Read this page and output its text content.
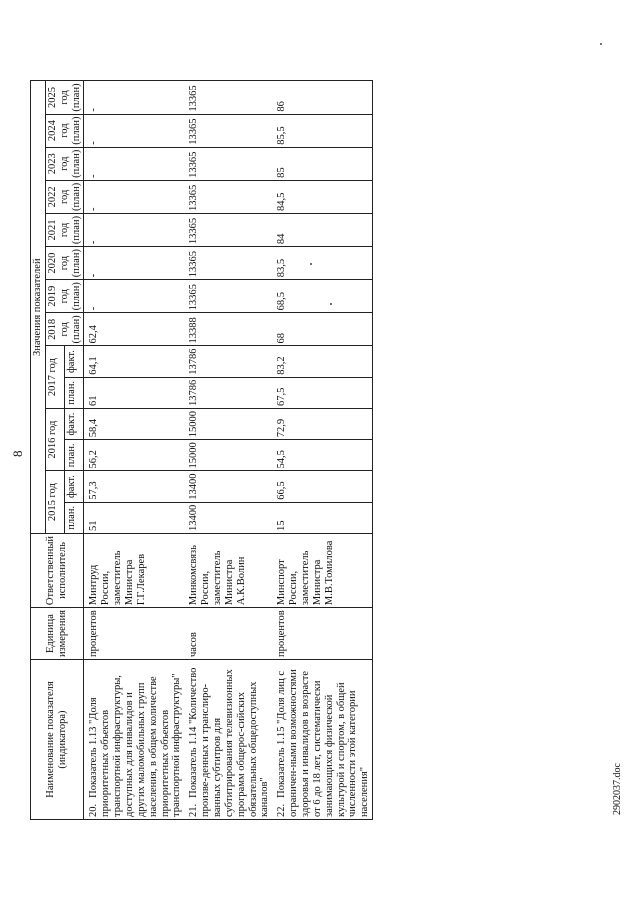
8
Наименование показателя (индикатора)	Единица измерения	Ответственный исполнитель	Значения показателей													
			2015 год		2016 год		2017 год		2018 год (план)	2019 год (план)	2020 год (план)	2021 год (план)	2022 год (план)	2023 год (план)	2024 год (план)	2025 год (план)
			план.	факт.	план.	факт.	план.	факт.								
20.Показатель 1.13 "Доля приоритетных объектов транспортной инфраструктуры, доступных для инвалидов и других маломобильных групп населения, в общем количестве приоритетных объектов транспортной инфраструктуры"	процентов	Минтруд России, заместитель Министра Г.Г.Лекарев	51	57,3	56,2	58,4	61	64,1	62,4	-	-	-	-	-	-	-
21.Показатель 1.14 "Количество произве-денных и транслиро-ванных субтитров для субтитрирования телевизионных программ общерос-сийских обязательных общедоступных каналов"	часов	Минкомсвязь России, заместитель Министра А.К.Волин	13400	13400	15000	15000	13786	13786	13388	13365	13365	13365	13365	13365	13365	13365
22.Показатель 1.15 "Доля лиц с ограничен-ными возможностями здоровья и инвалидов в возрасте от 6 до 18 лет, систематически занимающихся физической культурой и спортом, в общей численности этой категории населения"	процентов	Минспорт России, заместитель Министра М.В.Томилова	15	66,5	54,5	72,9	67,5	83,2	68	68,5	83,5	84	84,5	85	85,5	86
2902037.doc
